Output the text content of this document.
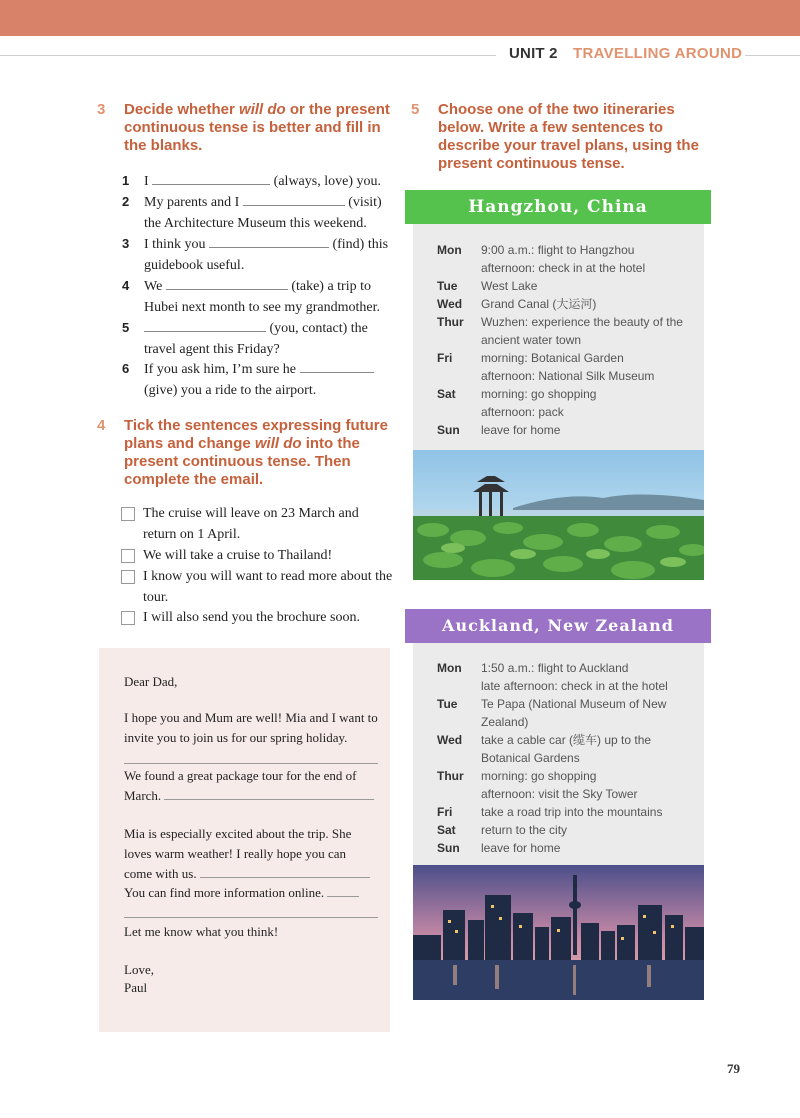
UNIT 2 TRAVELLING AROUND
3 Decide whether will do or the present continuous tense is better and fill in the blanks.
1 I	(always, love) you.
2 My parents and I	(visit) the Architecture Museum this weekend.
3 I think you	(find) this guidebook useful.
4 We	(take) a trip to Hubei next month to see my grandmother.
5	(you, contact) the travel agent this Friday?
6 If you ask him, I’m sure he  (give) you a ride to the airport.
4 Tick the sentences expressing future plans and change will do into the present continuous tense. Then complete the email.
The cruise will leave on 23 March and return on 1 April.
We will take a cruise to Thailand!
I know you will want to read more about the tour.
I will also send you the brochure soon.
Dear Dad,
I hope you and Mum are well! Mia and I want to invite you to join us for our spring holiday.
We found a great package tour for the end of
March.
Mia is especially excited about the trip. She loves warm weather! I really hope you can
come with us.
You can find more information online.
Let me know what you think!
Love,
Paul
5 Choose one of the two itineraries below. Write a few sentences to describe your travel plans, using the present continuous tense.
Hangzhou, China
Mon 9:00 a.m.: flight to Hangzhou
afternoon: check in at the hotel
Tue West Lake
Wed Grand Canal (大运河)
Thur Wuzhen: experience the beauty of the
ancient water town
Fri morning: Botanical Garden
afternoon: National Silk Museum
Sat morning: go shopping
afternoon: pack
Sun leave for home
Auckland, New Zealand
Mon 1:50 a.m.: flight to Auckland
late afternoon: check in at the hotel
Tue Te Papa (National Museum of New
Zealand)
Wed take a cable car (缆车) up to the
Botanical Gardens
Thur morning: go shopping
afternoon: visit the Sky Tower
Fri take a road trip into the mountains
Sat return to the city
Sun leave for home
79
